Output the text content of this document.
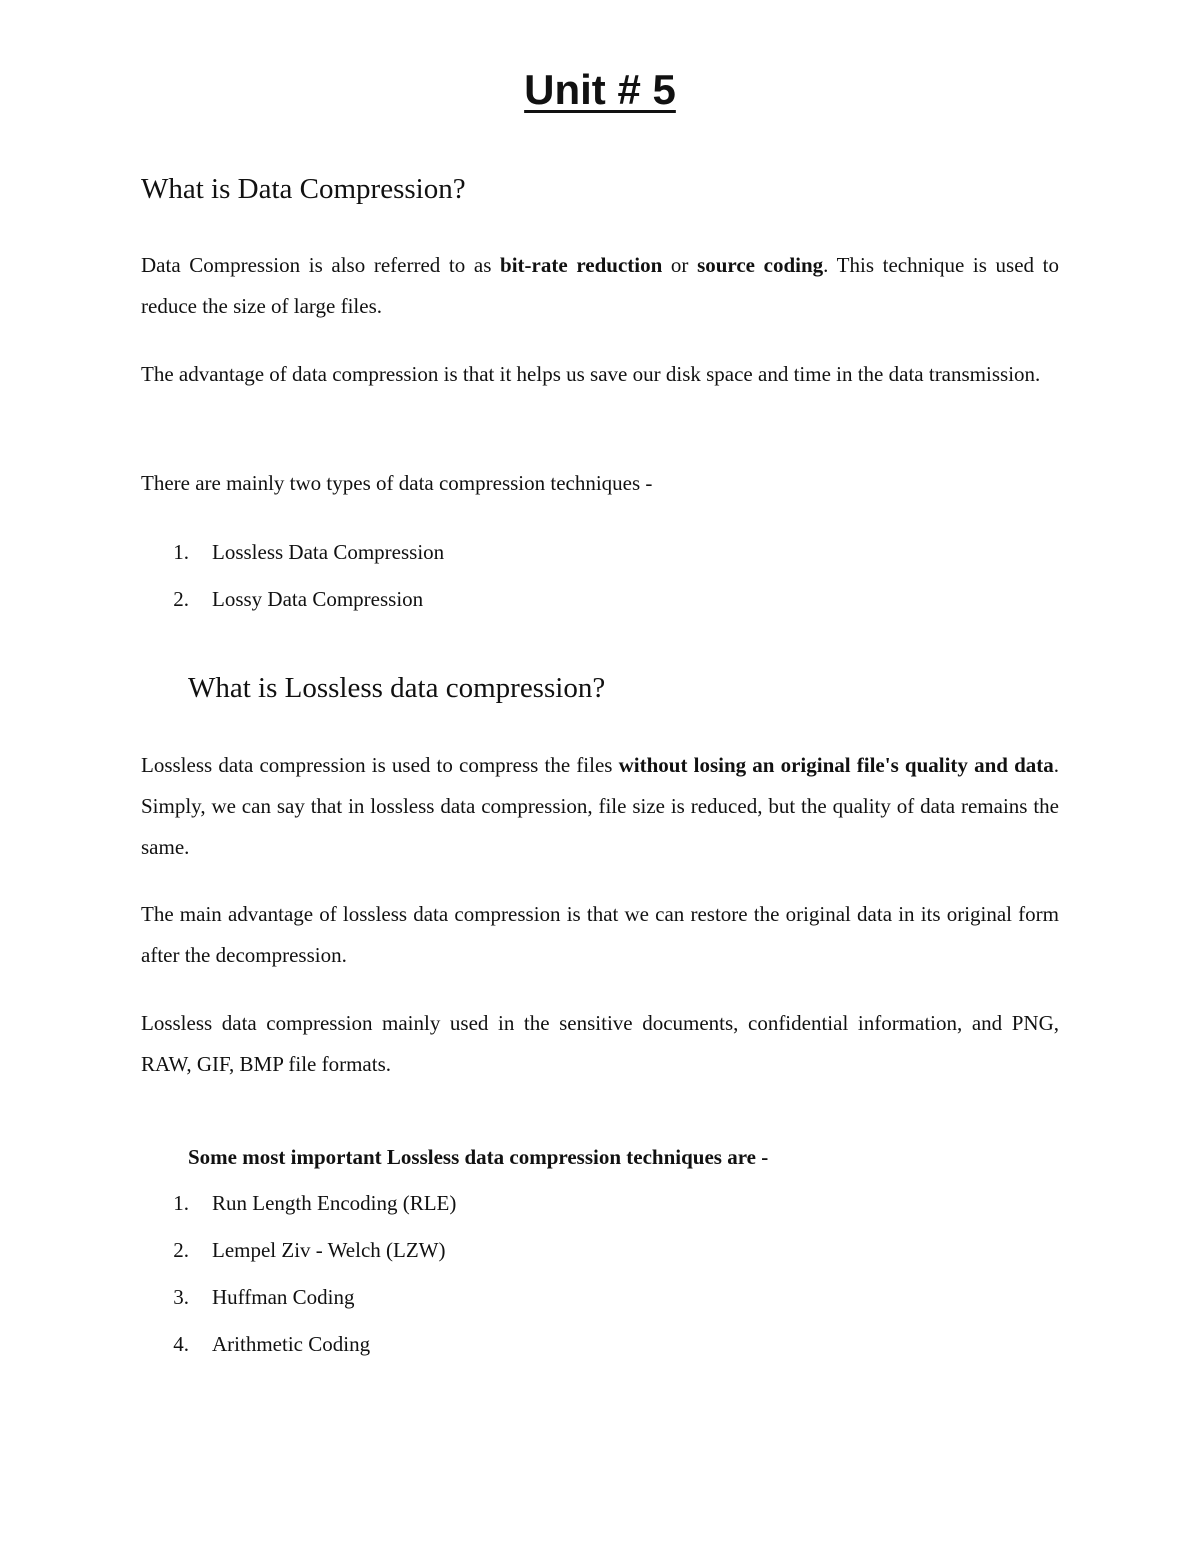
Unit # 5
What is Data Compression?

Data Compression is also referred to as bit-rate reduction or source coding. This technique is used to reduce the size of large files.

The advantage of data compression is that it helps us save our disk space and time in the data transmission.

There are mainly two types of data compression techniques -

1. Lossless Data Compression
2. Lossy Data Compression
What is Lossless data compression?

Lossless data compression is used to compress the files without losing an original file's quality and data. Simply, we can say that in lossless data compression, file size is reduced, but the quality of data remains the same.

The main advantage of lossless data compression is that we can restore the original data in its original form after the decompression.

Lossless data compression mainly used in the sensitive documents, confidential information, and PNG, RAW, GIF, BMP file formats.

Some most important Lossless data compression techniques are -

1. Run Length Encoding (RLE)
2. Lempel Ziv - Welch (LZW)
3. Huffman Coding
4. Arithmetic Coding
